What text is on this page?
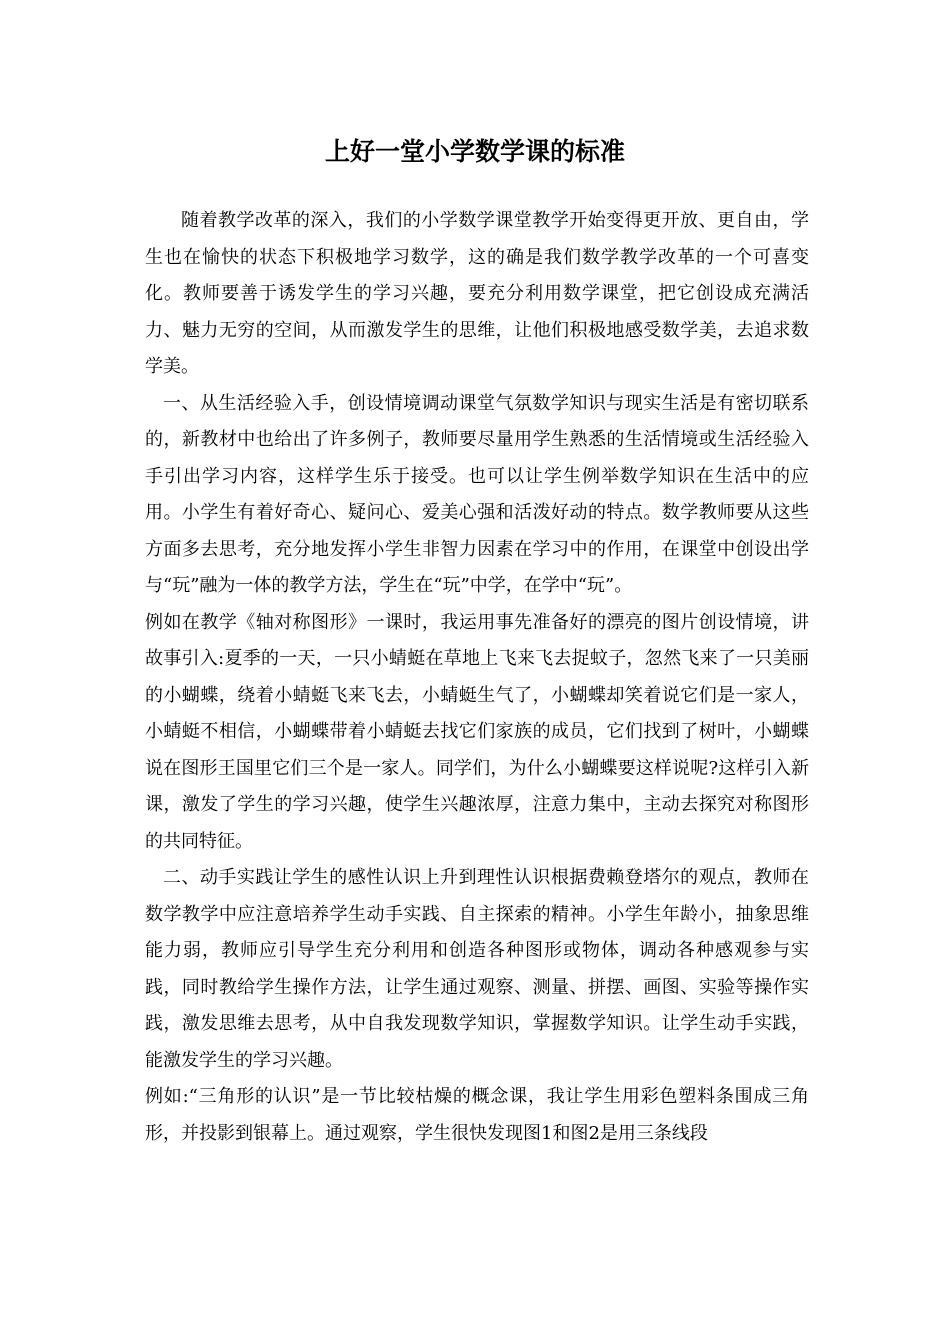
上好一堂小学数学课的标准

随着教学改革的深入，我们的小学数学课堂教学开始变得更开放、更自由，学生也在愉快的状态下积极地学习数学，这的确是我们数学教学改革的一个可喜变化。教师要善于诱发学生的学习兴趣，要充分利用数学课堂，把它创设成充满活力、魅力无穷的空间，从而激发学生的思维，让他们积极地感受数学美，去追求数学美。

一、从生活经验入手，创设情境调动课堂气氛数学知识与现实生活是有密切联系的，新教材中也给出了许多例子，教师要尽量用学生熟悉的生活情境或生活经验入手引出学习内容，这样学生乐于接受。也可以让学生例举数学知识在生活中的应用。小学生有着好奇心、疑问心、爱美心强和活泼好动的特点。数学教师要从这些方面多去思考，充分地发挥小学生非智力因素在学习中的作用，在课堂中创设出学与“玩”融为一体的教学方法，学生在“玩”中学，在学中“玩”。

例如在教学《轴对称图形》一课时，我运用事先准备好的漂亮的图片创设情境，讲故事引入:夏季的一天，一只小蜻蜓在草地上飞来飞去捉蚊子，忽然飞来了一只美丽的小蝴蝶，绕着小蜻蜓飞来飞去，小蜻蜓生气了，小蝴蝶却笑着说它们是一家人，小蜻蜓不相信，小蝴蝶带着小蜻蜓去找它们家族的成员，它们找到了树叶，小蝴蝶说在图形王国里它们三个是一家人。同学们，为什么小蝴蝶要这样说呢?这样引入新课，激发了学生的学习兴趣，使学生兴趣浓厚，注意力集中，主动去探究对称图形的共同特征。

二、动手实践让学生的感性认识上升到理性认识根据费赖登塔尔的观点，教师在数学教学中应注意培养学生动手实践、自主探索的精神。小学生年龄小，抽象思维能力弱，教师应引导学生充分利用和创造各种图形或物体，调动各种感观参与实践，同时教给学生操作方法，让学生通过观察、测量、拼摆、画图、实验等操作实践，激发思维去思考，从中自我发现数学知识，掌握数学知识。让学生动手实践，能激发学生的学习兴趣。

例如:“三角形的认识”是一节比较枯燥的概念课，我让学生用彩色塑料条围成三角形，并投影到银幕上。通过观察，学生很快发现图1和图2是用三条线段
